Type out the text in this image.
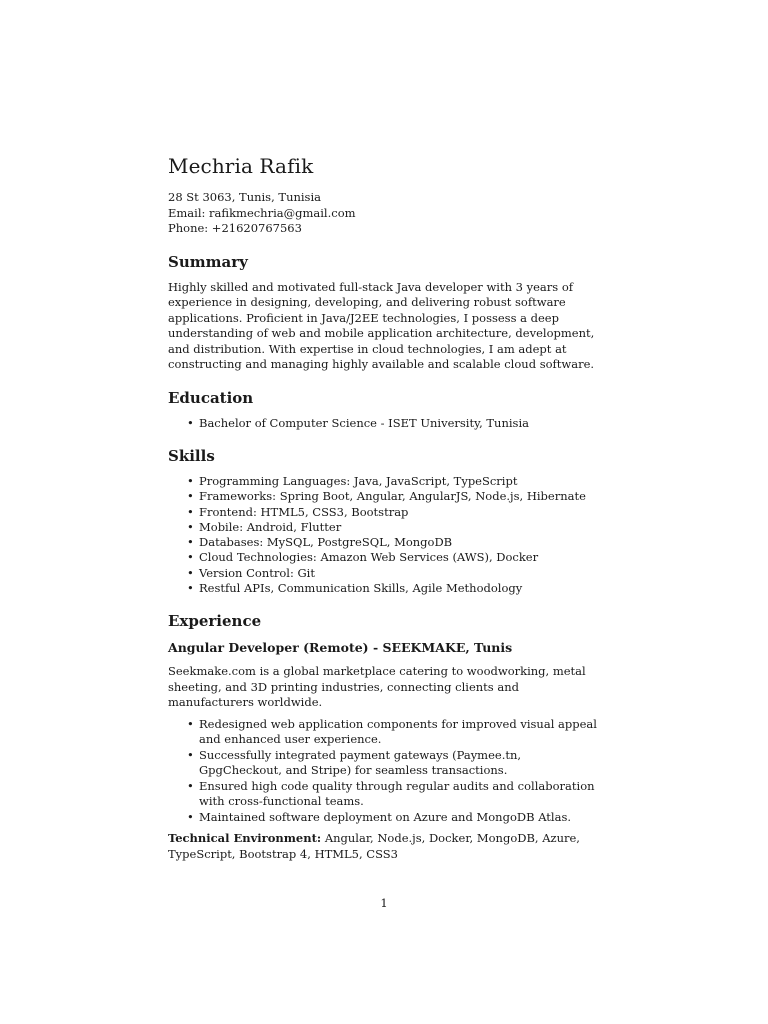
Mechria Rafik

28 St 3063, Tunis, Tunisia

Email: rafikmechria@gmail.com

Phone: +21620767563

Summary

Highly skilled and motivated full-stack Java developer with 3 years of experience in designing, developing, and delivering robust software applications. Proficient in Java/J2EE technologies, I possess a deep understanding of web and mobile application architecture, development, and distribution. With expertise in cloud technologies, I am adept at constructing and managing highly available and scalable cloud software.

Education
• Bachelor of Computer Science - ISET University, Tunisia
Skills
• Programming Languages: Java, JavaScript, TypeScript
• Frameworks: Spring Boot, Angular, AngularJS, Node.js, Hibernate
• Frontend: HTML5, CSS3, Bootstrap
• Mobile: Android, Flutter
• Databases: MySQL, PostgreSQL, MongoDB
• Cloud Technologies: Amazon Web Services (AWS), Docker
• Version Control: Git
• Restful APIs, Communication Skills, Agile Methodology
Experience
Angular Developer (Remote) - SEEKMAKE, Tunis

Seekmake.com is a global marketplace catering to woodworking, metal sheeting, and 3D printing industries, connecting clients and manufacturers worldwide.

• Redesigned web application components for improved visual appeal and enhanced user experience.
• Successfully integrated payment gateways (Paymee.tn, GpgCheckout, and Stripe) for seamless transactions.
• Ensured high code quality through regular audits and collaboration with cross-functional teams.
• Maintained software deployment on Azure and MongoDB Atlas.

Technical Environment: Angular, Node.js, Docker, MongoDB, Azure, TypeScript, Bootstrap 4, HTML5, CSS3

1
